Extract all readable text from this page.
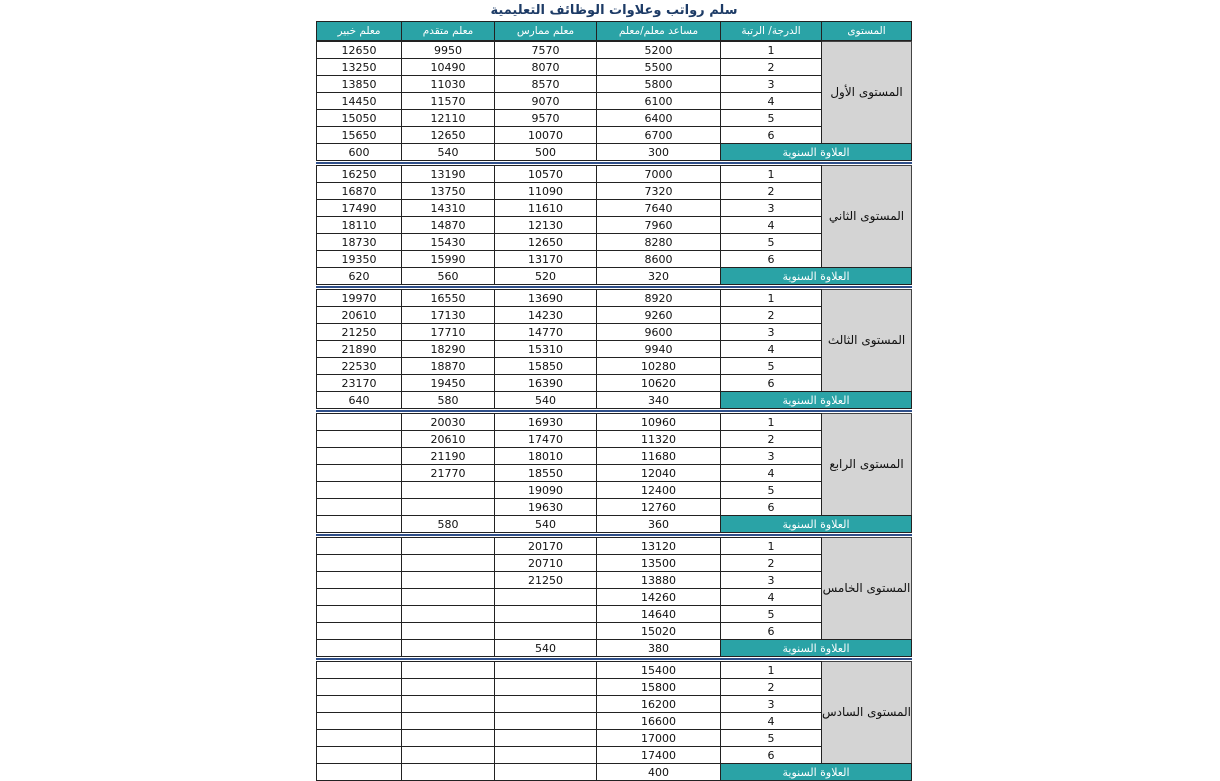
سلم رواتب وعلاوات الوظائف التعليمية
المستوى
الدرجة/ الرتبة
مساعد معلم/معلم
معلم ممارس
معلم متقدم
معلم خبير
المستوى الأول
1
5200
7570
9950
12650
2
5500
8070
10490
13250
3
5800
8570
11030
13850
4
6100
9070
11570
14450
5
6400
9570
12110
15050
6
6700
10070
12650
15650
العلاوة السنوية
300
500
540
600
المستوى الثاني
1
7000
10570
13190
16250
2
7320
11090
13750
16870
3
7640
11610
14310
17490
4
7960
12130
14870
18110
5
8280
12650
15430
18730
6
8600
13170
15990
19350
العلاوة السنوية
320
520
560
620
المستوى الثالث
1
8920
13690
16550
19970
2
9260
14230
17130
20610
3
9600
14770
17710
21250
4
9940
15310
18290
21890
5
10280
15850
18870
22530
6
10620
16390
19450
23170
العلاوة السنوية
340
540
580
640
المستوى الرابع
1
10960
16930
20030
2
11320
17470
20610
3
11680
18010
21190
4
12040
18550
21770
5
12400
19090
6
12760
19630
العلاوة السنوية
360
540
580
المستوى الخامس
1
13120
20170
2
13500
20710
3
13880
21250
4
14260
5
14640
6
15020
العلاوة السنوية
380
540
المستوى السادس
1
15400
2
15800
3
16200
4
16600
5
17000
6
17400
العلاوة السنوية
400
